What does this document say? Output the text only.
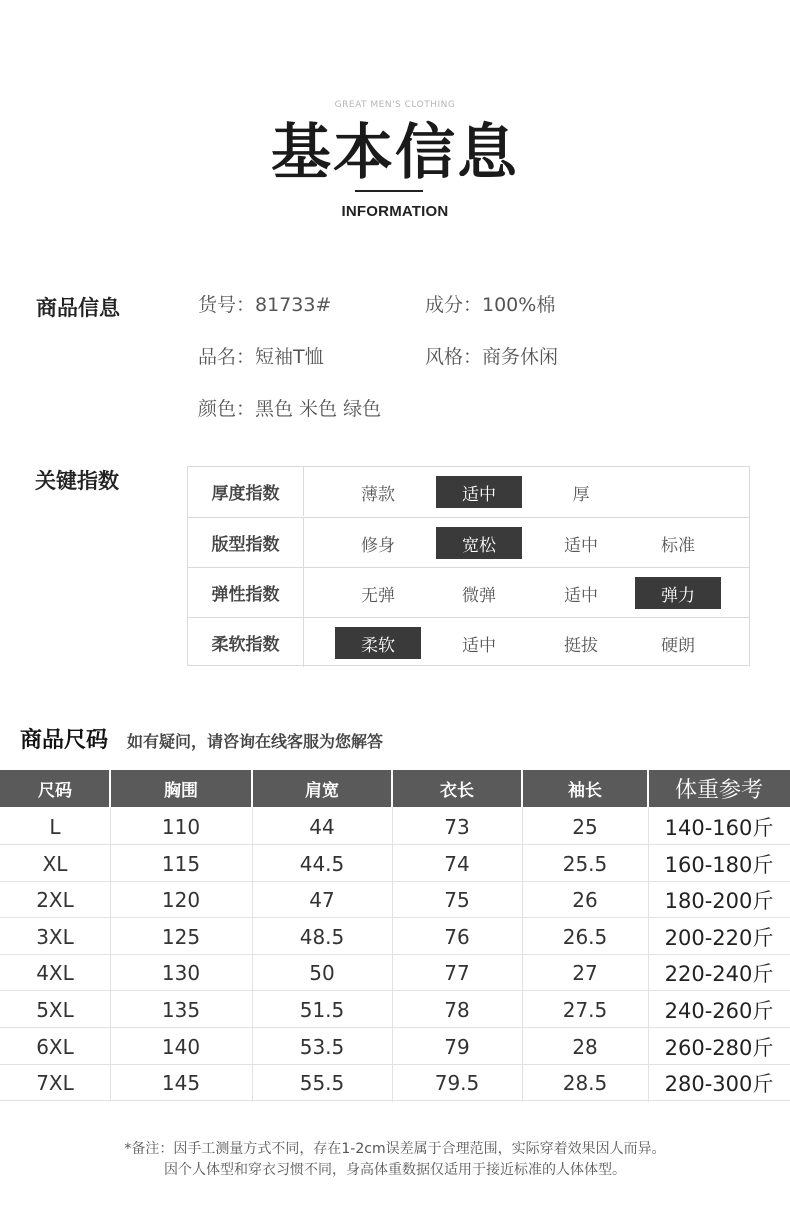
GREAT MEN'S CLOTHING
基本信息
INFORMATION
商品信息	货号：81733#	成分：100%棉
品名：短袖T恤	风格：商务休闲
颜色：黑色 米色 绿色
关键指数
厚度指数	薄款	适中	厚
版型指数	修身	宽松	适中	标准
弹性指数	无弹	微弹	适中	弹力
柔软指数	柔软	适中	挺拔	硬朗
商品尺码 如有疑问，请咨询在线客服为您解答
尺码	胸围	肩宽	衣长	袖长	体重参考
L	110	44	73	25	140-160斤
XL	115	44.5	74	25.5	160-180斤
2XL	120	47	75	26	180-200斤
3XL	125	48.5	76	26.5	200-220斤
4XL	130	50	77	27	220-240斤
5XL	135	51.5	78	27.5	240-260斤
6XL	140	53.5	79	28	260-280斤
7XL	145	55.5	79.5	28.5	280-300斤
*备注：因手工测量方式不同，存在1-2cm误差属于合理范围，实际穿着效果因人而异。
因个人体型和穿衣习惯不同，身高体重数据仅适用于接近标准的人体体型。
